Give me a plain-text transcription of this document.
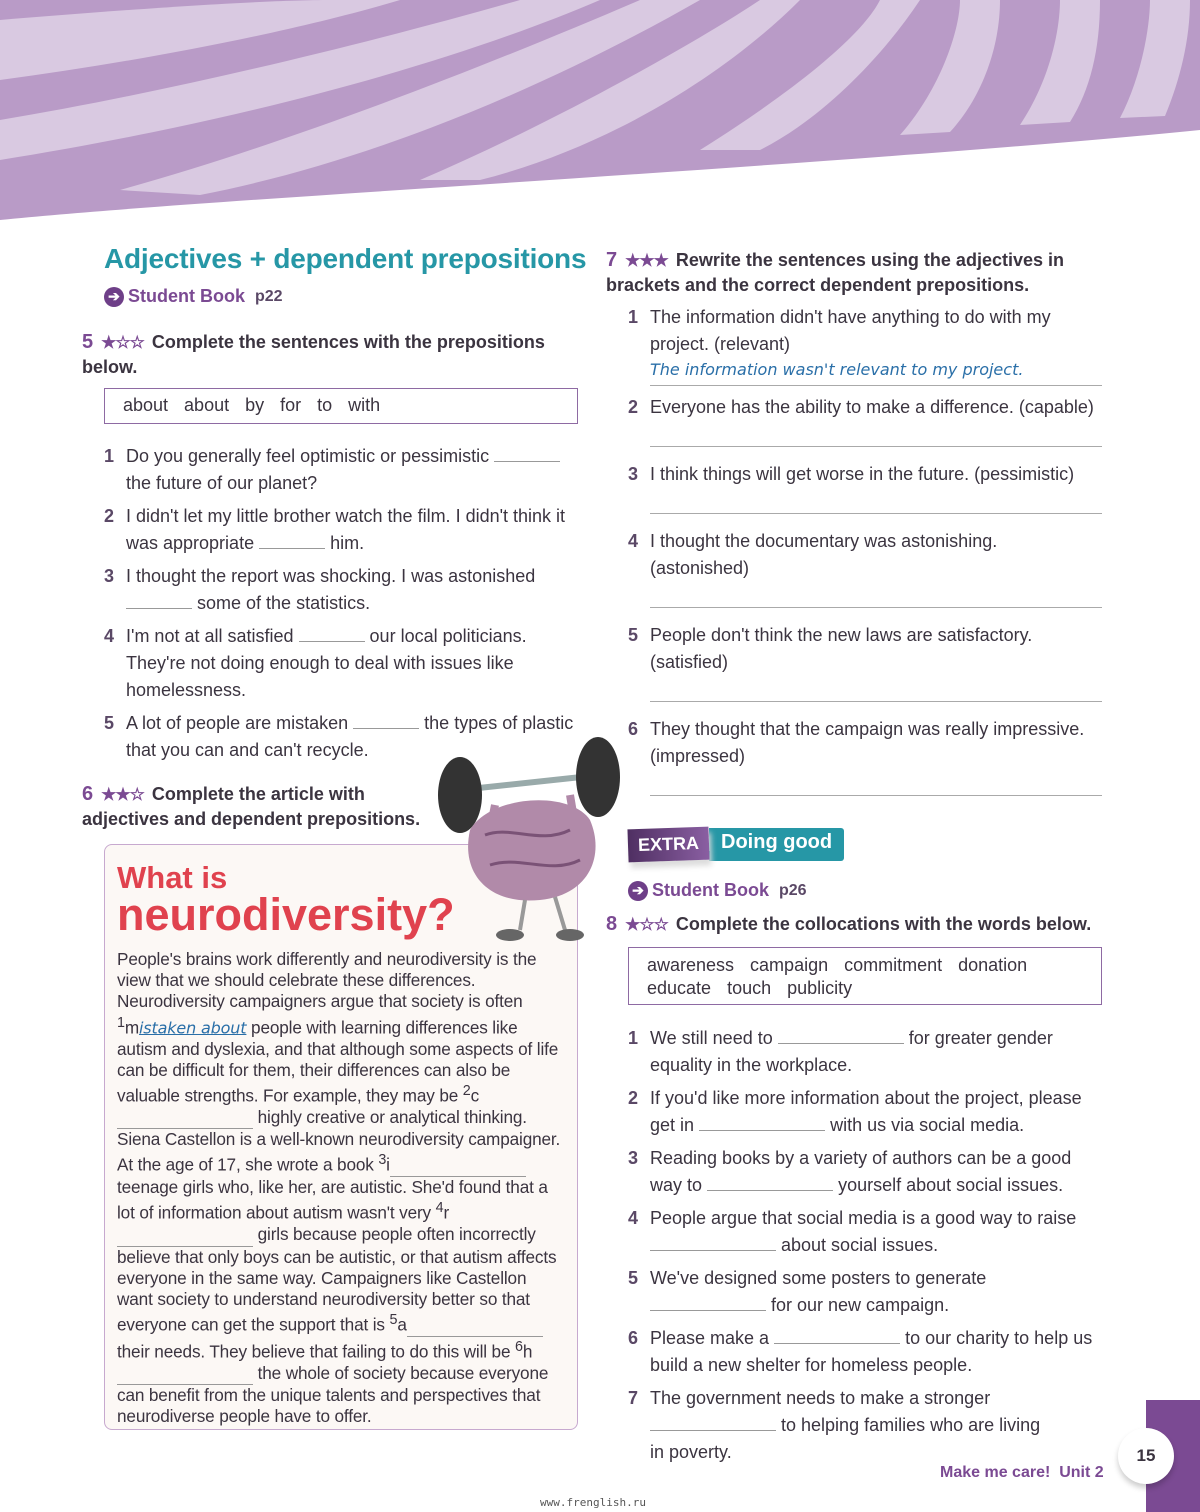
Adjectives + dependent prepositions
➔ Student Book p22
5 ★☆☆ Complete the sentences with the prepositions below.
about about by for to with
1 Do you generally feel optimistic or pessimistic  the future of our planet?
2 I didn't let my little brother watch the film. I didn't think it was appropriate	him.
3 I thought the report was shocking. I was astonished  some of the statistics.
4 I'm not at all satisfied	our local politicians. They're not doing enough to deal with issues like homelessness.
5 A lot of people are mistaken	the types of plastic that you can and can't recycle.
6 ★★☆ Complete the article with adjectives and dependent prepositions.
What is
neurodiversity?
People's brains work differently and neurodiversity is the view that we should celebrate these differences. Neurodiversity campaigners argue that society is often $^1$mistaken about people with learning differences like autism and dyslexia, and that although some aspects of life can be difficult for them, their differences can also be valuable strengths. For example, they may be $^2$c  highly creative or analytical thinking. Siena Castellon is a well-known neurodiversity campaigner. At the age of 17, she wrote a book $^3$i  teenage girls who, like her, are autistic. She'd found that a lot of information about autism wasn't very $^4$r  girls because people often incorrectly believe that only boys can be autistic, or that autism affects everyone in the same way. Campaigners like Castellon want society to understand neurodiversity better so that everyone can get the support that is $^5$a  their needs. They believe that failing to do this will be $^6$h  the whole of society because everyone can benefit from the unique talents and perspectives that neurodiverse people have to offer.
7 ★★★ Rewrite the sentences using the adjectives in brackets and the correct dependent prepositions.
1 The information didn't have anything to do with my project. (relevant)
The information wasn't relevant to my project.
2 Everyone has the ability to make a difference. (capable)
3 I think things will get worse in the future. (pessimistic)
4 I thought the documentary was astonishing. (astonished)
5 People don't think the new laws are satisfactory. (satisfied)
6 They thought that the campaign was really impressive. (impressed)
EXTRA	Doing good
➔ Student Book p26
8 ★☆☆ Complete the collocations with the words below.
awareness campaign commitment donation
educate touch publicity
1 We still need to	for greater gender equality in the workplace.
2 If you'd like more information about the project, please get in	with us via social media.
3 Reading books by a variety of authors can be a good way to	yourself about social issues.
4 People argue that social media is a good way to raise  about social issues.
5 We've designed some posters to generate  for our new campaign.
6 Please make a	to our charity to help us build a new shelter for homeless people.
7 The government needs to make a stronger  to helping families who are living in poverty.
Make me care! Unit 2
15
www.frenglish.ru
